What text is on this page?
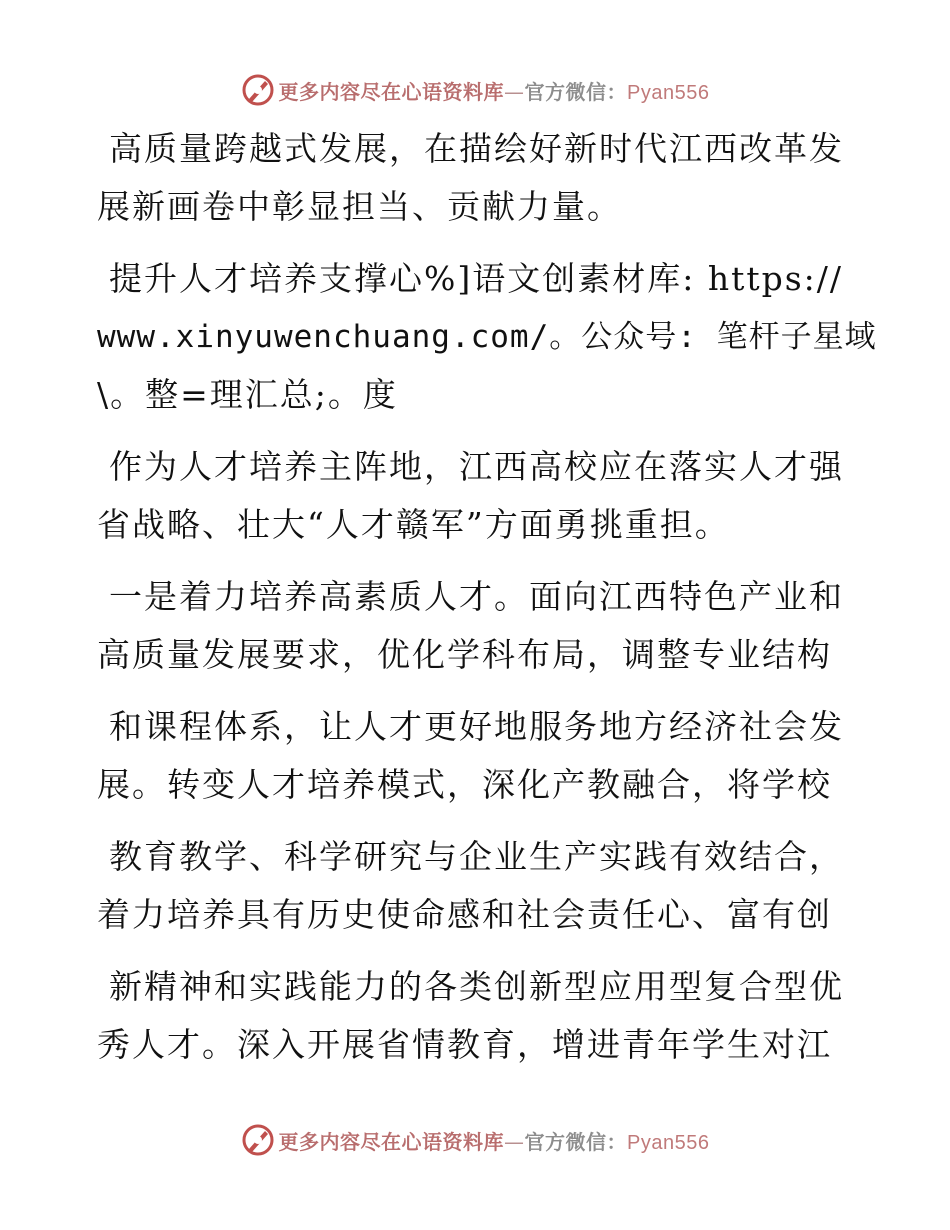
更多内容尽在心语资料库—官方微信：Pyan556
高质量跨越式发展，在描绘好新时代江西改革发
展新画卷中彰显担当、贡献力量。
提升人才培养支撑心%]语文创素材库: https://
www.xinyuwenchuang.com/。公众号: 笔杆子星域
\。整=理汇总;。度
作为人才培养主阵地，江西高校应在落实人才强
省战略、壮大“人才赣军”方面勇挑重担。
一是着力培养高素质人才。面向江西特色产业和
高质量发展要求，优化学科布局，调整专业结构
和课程体系，让人才更好地服务地方经济社会发
展。转变人才培养模式，深化产教融合，将学校
教育教学、科学研究与企业生产实践有效结合，
着力培养具有历史使命感和社会责任心、富有创
新精神和实践能力的各类创新型应用型复合型优
秀人才。深入开展省情教育，增进青年学生对江
更多内容尽在心语资料库—官方微信：Pyan556
